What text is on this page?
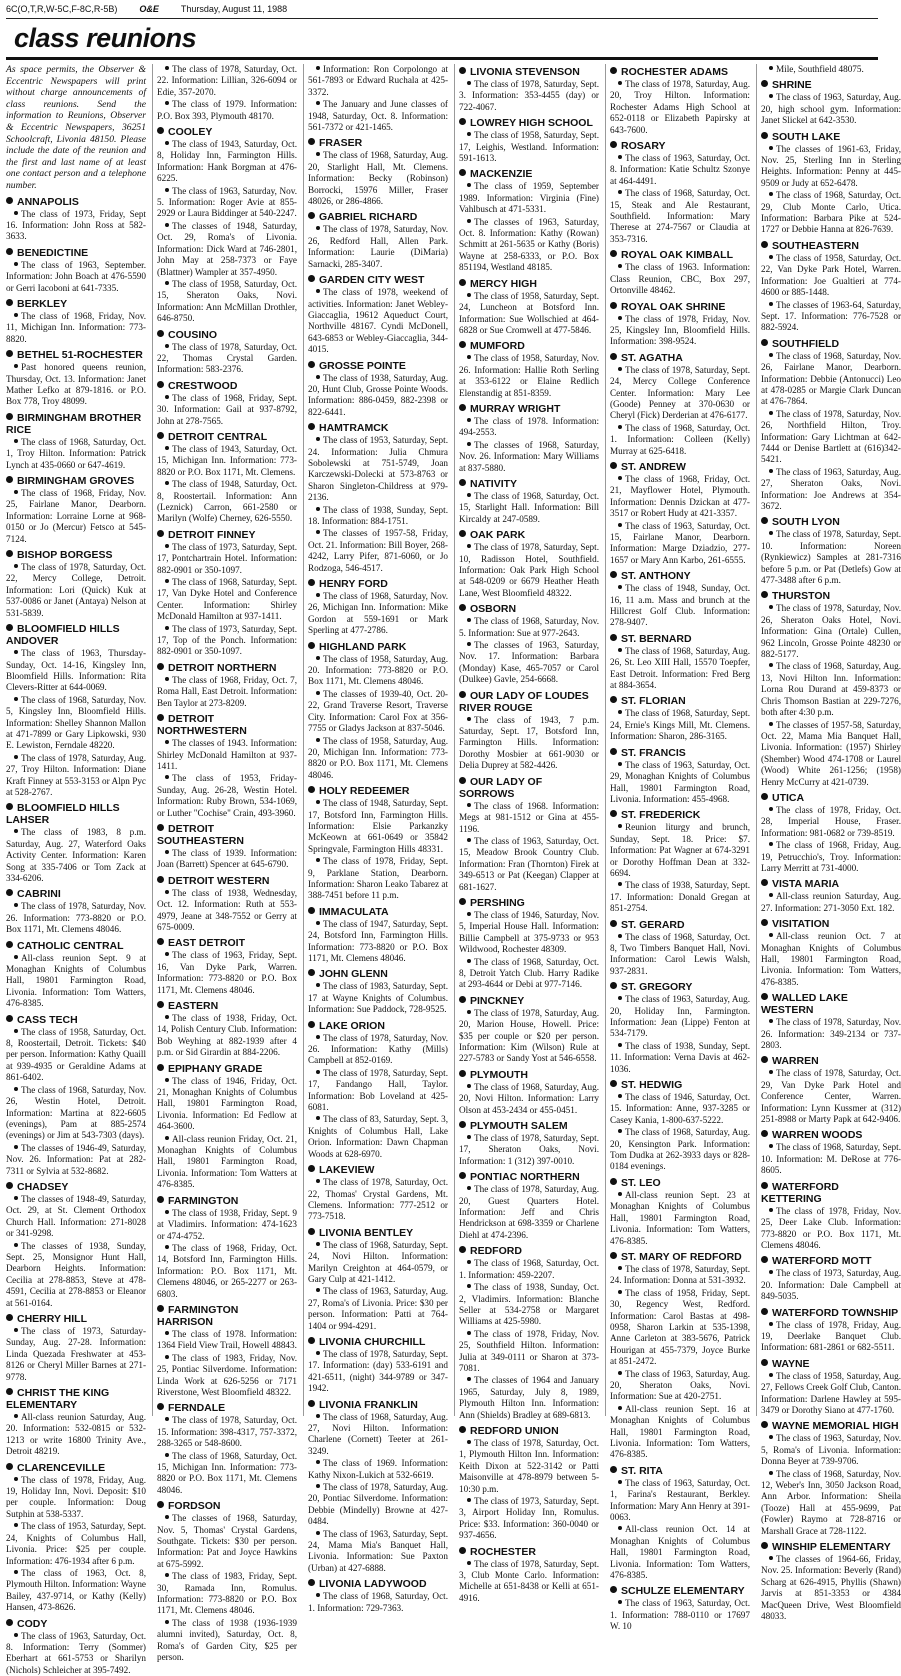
6C(O,T,R,W-5C,F-8C,R-5B) O&E Thursday, August 11, 1988
class reunions

As space permits, the Observer & Eccentric Newspapers will print without charge announcements of class reunions. Send the information to Reunions, Observer & Eccentric Newspapers, 36251 Schoolcraft, Livonia 48150. Please include the date of the reunion and the first and last name of at least one contact person and a telephone number.

ANNAPOLIS

The class of 1973, Friday, Sept 16. Information: John Ross at 582-3633.

BENEDICTINE

The class of 1963, September. Information: John Boach at 476-5590 or Gerri Iacoboni at 641-7335.

BERKLEY

The class of 1968, Friday, Nov. 11, Michigan Inn. Information: 773-8820.

BETHEL 51-ROCHESTER

Past honored queens reunion, Thursday, Oct. 13. Information: Janet Mather Lefko at 879-1816. or P.O. Box 778, Troy 48099.

BIRMINGHAM BROTHER RICE

The class of 1968, Saturday, Oct. 1, Troy Hilton. Information: Patrick Lynch at 435-0660 or 647-4619.

BIRMINGHAM GROVES

The class of 1968, Friday, Nov. 25, Fairlane Manor, Dearborn. Information: Lorraine Lorne at 968-0150 or Jo (Mercur) Fetsco at 545-7124.

BISHOP BORGESS

The class of 1978, Saturday, Oct. 22, Mercy College, Detroit. Information: Lori (Quick) Kuk at 537-0086 or Janet (Antaya) Nelson at 531-5839.

BLOOMFIELD HILLS ANDOVER

The class of 1963, Thursday-Sunday, Oct. 14-16, Kingsley Inn, Bloomfield Hills. Information: Rita Clevers-Ritter at 644-0069.

The class of 1968, Saturday, Nov. 5, Kingsley Inn, Bloomfield Hills. Information: Shelley Shannon Mallon at 471-7899 or Gary Lipkowski, 930 E. Lewiston, Ferndale 48220.

The class of 1978, Saturday, Aug. 27, Troy Hilton. Information: Diane Kraft Finney at 553-3153 or Alpn Pyc at 528-2767.

BLOOMFIELD HILLS LAHSER

The class of 1983, 8 p.m. Saturday, Aug. 27, Waterford Oaks Activity Center. Information: Karen Song at 335-7406 or Tom Zack at 334-6206.

CABRINI

The class of 1978, Saturday, Nov. 26. Information: 773-8820 or P.O. Box 1171, Mt. Clemens 48046.

CATHOLIC CENTRAL

All-class reunion Sept. 9 at Monaghan Knights of Columbus Hall, 19801 Farmington Road, Livonia. Information: Tom Watters, 476-8385.

CASS TECH

The class of 1958, Saturday, Oct. 8, Roostertail, Detroit. Tickets: $40 per person. Information: Kathy Quaill at 939-4935 or Geraldine Adams at 861-6402.

The class of 1968, Saturday, Nov. 26, Westin Hotel, Detroit. Information: Martina at 822-6605 (evenings), Pam at 885-2574 (evenings) or Jim at 543-7303 (days).

The classes of 1946-49, Saturday, Nov. 26. Information: Pat at 282-7311 or Sylvia at 532-8682.

CHADSEY

The classes of 1948-49, Saturday, Oct. 29, at St. Clement Orthodox Church Hall. Information: 271-8028 or 341-9298.

The classes of 1938, Sunday, Sept. 25, Monsignor Hunt Hall, Dearborn Heights. Information: Cecilia at 278-8853, Steve at 478-4591, Cecilia at 278-8853 or Eleanor at 561-0164.

CHERRY HILL

The class of 1973, Saturday-Sunday, Aug. 27-28. Information: Linda Quezada Freshwater at 453-8126 or Cheryl Miller Barnes at 271-9778.

CHRIST THE KING ELEMENTARY

All-class reunion Saturday, Aug. 20. Information: 532-0815 or 532-1213 or write 16800 Trinity Ave., Detroit 48219.

CLARENCEVILLE

The class of 1978, Friday, Aug. 19, Holiday Inn, Novi. Deposit: $10 per couple. Information: Doug Sutphin at 538-5337.

The class of 1953, Saturday, Sept. 24, Knights of Columbus Hall, Livonia. Price: $25 per couple. Information: 476-1934 after 6 p.m.

The class of 1963, Oct. 8, Plymouth Hilton. Information: Wayne Bailey, 437-9714, or Kathy (Kelly) Hansen, 473-8626.

CODY

The class of 1963, Saturday, Oct. 8. Information: Terry (Sommer) Eberhart at 661-5753 or Sharilyn (Nichols) Schleicher at 395-7492.

The class of 1978, Saturday, Oct. 22. Information: Lillian, 326-6094 or Edie, 357-2070.

The class of 1979. Information: P.O. Box 393, Plymouth 48170.

COOLEY

The class of 1943, Saturday, Oct. 8, Holiday Inn, Farmington Hills. Information: Hank Borgman at 476-6225.

The class of 1963, Saturday, Nov. 5. Information: Roger Avie at 855-2929 or Laura Biddinger at 540-2247.

The classes of 1948, Saturday, Oct. 29, Roma's of Livonia. Information: Dick Ward at 746-2801, John May at 258-7373 or Faye (Blattner) Wampler at 357-4950.

The class of 1958, Saturday, Oct. 15, Sheraton Oaks, Novi. Information: Ann McMillan Drothler, 646-8750.

COUSINO

The class of 1978, Saturday, Oct. 22, Thomas Crystal Garden. Information: 583-2376.

CRESTWOOD

The class of 1968, Friday, Sept. 30. Information: Gail at 937-8792, John at 278-7565.

DETROIT CENTRAL

The class of 1943, Saturday, Oct. 15, Michigan Inn. Information: 773-8820 or P.O. Box 1171, Mt. Clemens.

The class of 1948, Saturday, Oct. 8, Roostertail. Information: Ann (Leznick) Carron, 661-2580 or Marilyn (Wolfe) Cherney, 626-5550.

DETROIT FINNEY

The class of 1973, Saturday, Sept. 17, Pontchartrain Hotel. Information: 882-0901 or 350-1097.

The class of 1968, Saturday, Sept. 17, Van Dyke Hotel and Conference Center. Information: Shirley McDonald Hamilton at 937-1411.

The class of 1973, Saturday, Sept. 17, Top of the Ponch. Information: 882-0901 or 350-1097.

DETROIT NORTHERN

The class of 1968, Friday, Oct. 7, Roma Hall, East Detroit. Information: Ben Taylor at 273-8209.

DETROIT NORTHWESTERN

The classes of 1943. Information: Shirley McDonald Hamilton at 937-1411.

The class of 1953, Friday-Sunday, Aug. 26-28, Westin Hotel. Information: Ruby Brown, 534-1069, or Luther "Cochise" Crain, 493-3960.

DETROIT SOUTHEASTERN

The class of 1939. Information: Joan (Barrett) Spencer at 645-6790.

DETROIT WESTERN

The class of 1938, Wednesday, Oct. 12. Information: Ruth at 553-4979, Jeane at 348-7552 or Gerry at 675-0009.

EAST DETROIT

The class of 1963, Friday, Sept. 16, Van Dyke Park, Warren. Information: 773-8820 or P.O. Box 1171, Mt. Clemens 48046.

EASTERN

The class of 1938, Friday, Oct. 14, Polish Century Club. Information: Bob Weyhing at 882-1939 after 4 p.m. or Sid Girardin at 884-2206.

EPIPHANY GRADE

The class of 1946, Friday, Oct. 21, Monaghan Knights of Columbus Hall, 19801 Farmington Road, Livonia. Information: Ed Fedlow at 464-3600.

All-class reunion Friday, Oct. 21, Monaghan Knights of Columbus Hall, 19801 Farmington Road, Livonia. Information: Tom Watters at 476-8385.

FARMINGTON

The class of 1938, Friday, Sept. 9 at Vladimirs. Information: 474-1623 or 474-4752.

The class of 1968, Friday, Oct. 14, Botsford Inn, Farmington Hills. Information: P.O. Box 1171, Mt. Clemens 48046, or 265-2277 or 263-6803.

FARMINGTON HARRISON

The class of 1978. Information: 1364 Field View Trail, Howell 48843.

The class of 1983, Friday, Nov. 25, Pontiac Silverdome. Information: Linda Work at 626-5256 or 7171 Riverstone, West Bloomfield 48322.

FERNDALE

The class of 1978, Saturday, Oct. 15. Information: 398-4317, 757-3372, 288-3265 or 548-8600.

The class of 1968, Saturday, Oct. 15, Michigan Inn. Information: 773-8820 or P.O. Box 1171, Mt. Clemens 48046.

FORDSON

The classes of 1968, Saturday, Nov. 5, Thomas' Crystal Gardens, Southgate. Tickets: $30 per person. Information: Pat and Joyce Hawkins at 675-5992.

The class of 1983, Friday, Sept. 30, Ramada Inn, Romulus. Information: 773-8820 or P.O. Box 1171, Mt. Clemens 48046.

The class of 1938 (1936-1939 alumni invited), Saturday, Oct. 8, Roma's of Garden City, $25 per person.

Information: Ron Corpolongo at 561-7893 or Edward Ruchala at 425-3372.

The January and June classes of 1948, Saturday, Oct. 8. Information: 561-7372 or 421-1465.

FRASER

The class of 1968, Saturday, Aug. 20, Starlight Hall, Mt. Clemens. Information: Becky (Robinson) Borrocki, 15976 Miller, Fraser 48026, or 286-4866.

GABRIEL RICHARD

The class of 1978, Saturday, Nov. 26, Redford Hall, Allen Park. Information: Laurie (DiMaria) Sarnacki, 285-3407.

GARDEN CITY WEST

The class of 1978, weekend of activities. Information: Janet Webley-Giaccaglia, 19612 Aqueduct Court, Northville 48167. Cyndi McDonell, 643-6853 or Webley-Giaccaglia, 344-4015.

GROSSE POINTE

The class of 1938, Saturday, Aug. 20, Hunt Club, Grosse Pointe Woods. Information: 886-0459, 882-2398 or 822-6441.

HAMTRAMCK

The class of 1953, Saturday, Sept. 24. Information: Julia Chmura Sobolewski at 751-5749, Joan Karczewski-Dolecki at 573-8763 or Sharon Singleton-Childress at 979-2136.

The class of 1938, Sunday, Sept. 18. Information: 884-1751.

The classes of 1957-58, Friday, Oct. 21. Information: Bill Boyer, 268-4242, Larry Pifer, 871-6060, or Jo Rodzoga, 546-4517.

HENRY FORD

The class of 1968, Saturday, Nov. 26, Michigan Inn. Information: Mike Gordon at 559-1691 or Mark Sperling at 477-2786.

HIGHLAND PARK

The class of 1958, Saturday, Aug. 20. Information: 773-8820 or P.O. Box 1171, Mt. Clemens 48046.

The classes of 1939-40, Oct. 20-22, Grand Traverse Resort, Traverse City. Information: Carol Fox at 356-7755 or Gladys Jackson at 837-5046.

The class of 1958, Saturday, Aug. 20, Michigan Inn. Information: 773-8820 or P.O. Box 1171, Mt. Clemens 48046.

HOLY REDEEMER

The class of 1948, Saturday, Sept. 17, Botsford Inn, Farmington Hills. Information: Elsie Parkanzky McKeown at 661-0649 or 35842 Springvale, Farmington Hills 48331.

The class of 1978, Friday, Sept. 9, Parklane Station, Dearborn. Information: Sharon Leako Tabarez at 388-7451 before 11 p.m.

IMMACULATA

The class of 1947, Saturday, Sept. 24, Botsford Inn, Farmington Hills. Information: 773-8820 or P.O. Box 1171, Mt. Clemens 48046.

JOHN GLENN

The class of 1983, Saturday, Sept. 17 at Wayne Knights of Columbus. Information: Sue Paddock, 728-9525.

LAKE ORION

The class of 1978, Saturday, Nov. 26. Information: Kathy (Mills) Campbell at 852-0169.

The class of 1978, Saturday, Sept. 17, Fandango Hall, Taylor. Information: Bob Loveland at 425-6081.

The class of 83, Saturday, Sept. 3, Knights of Columbus Hall, Lake Orion. Information: Dawn Chapman Woods at 628-6970.

LAKEVIEW

The class of 1978, Saturday, Oct. 22, Thomas' Crystal Gardens, Mt. Clemens. Information: 777-2512 or 773-7518.

LIVONIA BENTLEY

The class of 1968, Saturday, Sept. 24, Novi Hilton. Information: Marilyn Creighton at 464-0579, or Gary Culp at 421-1412.

The class of 1963, Saturday, Aug. 27, Roma's of Livonia. Price: $30 per person. Information: Patti at 764-1404 or 994-4291.

LIVONIA CHURCHILL

The class of 1978, Saturday, Sept. 17. Information: (day) 533-6191 and 421-6511, (night) 344-9789 or 347-1942.

LIVONIA FRANKLIN

The class of 1968, Saturday, Aug. 27, Novi Hilton. Information: Charlene (Cornett) Teeter at 261-3249.

The class of 1969. Information: Kathy Nixon-Lukich at 532-6619.

The class of 1978, Saturday, Aug. 20, Pontiac Silverdome. Information: Debbie (Mindelly) Browne at 427-0484.

The class of 1963, Saturday, Sept. 24, Mama Mia's Banquet Hall, Livonia. Information: Sue Paxton (Urban) at 427-6888.

LIVONIA LADYWOOD

The class of 1968, Saturday, Oct. 1. Information: 729-7363.

LIVONIA STEVENSON

The class of 1978, Saturday, Sept. 3. Information: 353-4455 (day) or 722-4067.

LOWREY HIGH SCHOOL

The class of 1958, Saturday, Sept. 17, Leighis, Westland. Information: 591-1613.

MACKENZIE

The class of 1959, September 1989. Information: Virginia (Fine) Vahlbusch at 471-5331.

The classes of 1963, Saturday, Oct. 8. Information: Kathy (Rowan) Schmitt at 261-5635 or Kathy (Boris) Wayne at 258-6333, or P.O. Box 851194, Westland 48185.

MERCY HIGH

The class of 1958, Saturday, Sept. 24, Luncheon at Botsford Inn. Information: Sue Wollschied at 464-6828 or Sue Cromwell at 477-5846.

MUMFORD

The class of 1958, Saturday, Nov. 26. Information: Hallie Roth Serling at 353-6122 or Elaine Redlich Elenstandig at 851-8359.

MURRAY WRIGHT

The class of 1978. Information: 494-2553.

The classes of 1968, Saturday, Nov. 26. Information: Mary Williams at 837-5880.

NATIVITY

The class of 1968, Saturday, Oct. 15, Starlight Hall. Information: Bill Kircaldy at 247-0589.

OAK PARK

The class of 1978, Saturday, Sept. 10, Radisson Hotel, Southfield. Information: Oak Park High School at 548-0209 or 6679 Heather Heath Lane, West Bloomfield 48322.

OSBORN

The class of 1968, Saturday, Nov. 5. Information: Sue at 977-2643.

The classes of 1963, Saturday, Nov. 17. Information: Barbara (Monday) Kase, 465-7057 or Carol (Dulkee) Gavle, 254-6668.

OUR LADY OF LOUDES RIVER ROUGE

The class of 1943, 7 p.m. Saturday, Sept. 17, Botsford Inn, Farmington Hills. Information: Dorothy Mosbier at 661-9030 or Delia Duprey at 582-4426.

OUR LADY OF SORROWS

The class of 1968. Information: Megs at 981-1512 or Gina at 455-1196.

The class of 1963, Saturday, Oct. 15, Meadow Brook Country Club. Information: Fran (Thornton) Firek at 349-6513 or Pat (Keegan) Clapper at 681-1627.

PERSHING

The class of 1946, Saturday, Nov. 5, Imperial House Hall. Information: Billie Campbell at 375-9733 or 953 Wildwood, Rochester 48309.

The class of 1968, Saturday, Oct. 8, Detroit Yatch Club. Harry Radike at 293-4644 or Debi at 977-7146.

PINCKNEY

The class of 1978, Saturday, Aug. 20, Marion House, Howell. Price: $35 per couple or $20 per person. Information: Kim (Wilson) Rule at 227-5783 or Sandy Yost at 546-6558.

PLYMOUTH

The class of 1968, Saturday, Aug. 20, Novi Hilton. Information: Larry Olson at 453-2434 or 455-0451.

PLYMOUTH SALEM

The class of 1978, Saturday, Sept. 17, Sheraton Oaks, Novi. Information: 1 (312) 397-0010.

PONTIAC NORTHERN

The class of 1978, Saturday, Aug. 20, Guest Quarters Hotel. Information: Jeff and Chris Hendrickson at 698-3359 or Charlene Diehl at 474-2396.

REDFORD

The class of 1968, Saturday, Oct. 1. Information: 459-2207.

The class of 1938, Sunday, Oct. 2, Vladimirs. Information: Blanche Seller at 534-2758 or Margaret Williams at 425-5980.

The class of 1978, Friday, Nov. 25, Southfield Hilton. Information: Julia at 349-0111 or Sharon at 373-7081.

The classes of 1964 and January 1965, Saturday, July 8, 1989, Plymouth Hilton Inn. Information: Ann (Shields) Bradley at 689-6813.

REDFORD UNION

The class of 1978, Saturday, Oct. 1, Plymouth Hilton Inn. Information: Keith Dixon at 522-3142 or Patti Maisonville at 478-8979 between 5-10:30 p.m.

The class of 1973, Saturday, Sept. 3, Airport Holiday Inn, Romulus. Price: $33. Information: 360-0040 or 937-4656.

ROCHESTER

The class of 1978, Saturday, Sept. 3, Club Monte Carlo. Information: Michelle at 651-8438 or Kelli at 651-4916.

ROCHESTER ADAMS

The class of 1978, Saturday, Aug. 20, Troy Hilton. Information: Rochester Adams High School at 652-0118 or Elizabeth Papirsky at 643-7600.

ROSARY

The class of 1963, Saturday, Oct. 8. Information: Katie Schultz Szonye at 464-4491.

The class of 1968, Saturday, Oct. 15, Steak and Ale Restaurant, Southfield. Information: Mary Therese at 274-7567 or Claudia at 353-7316.

ROYAL OAK KIMBALL

The class of 1963. Information: Class Reunion, CBC, Box 297, Ortonville 48462.

ROYAL OAK SHRINE

The class of 1978, Friday, Nov. 25, Kingsley Inn, Bloomfield Hills. Information: 398-9524.

ST. AGATHA

The class of 1978, Saturday, Sept. 24, Mercy College Conference Center. Information: Mary Lee (Goode) Penney at 370-0630 or Cheryl (Fick) Derderian at 476-6177.

The class of 1968, Saturday, Oct. 1. Information: Colleen (Kelly) Murray at 625-6418.

ST. ANDREW

The class of 1968, Friday, Oct. 21, Mayflower Hotel, Plymouth. Information: Dennis Dzickan at 477-3517 or Robert Hudy at 421-3357.

The class of 1963, Saturday, Oct. 15, Fairlane Manor, Dearborn. Information: Marge Dziadzio, 277-1657 or Mary Ann Karbo, 261-6555.

ST. ANTHONY

The class of 1948, Sunday, Oct. 16, 11 a.m. Mass and brunch at the Hillcrest Golf Club. Information: 278-9407.

ST. BERNARD

The class of 1968, Saturday, Aug. 26, St. Leo XIII Hall, 15570 Toepfer, East Detroit. Information: Fred Berg at 884-3654.

ST. FLORIAN

The class of 1968, Saturday, Sept. 24, Ernie's Kings Mill, Mt. Clemens. Information: Sharon, 286-3165.

ST. FRANCIS

The class of 1963, Saturday, Oct. 29, Monaghan Knights of Columbus Hall, 19801 Farmington Road, Livonia. Information: 455-4968.

ST. FREDERICK

Reunion liturgy and brunch, Sunday, Sept. 18. Price: $7. Information: Pat Wagner at 674-3291 or Dorothy Hoffman Dean at 332-6694.

The class of 1938, Saturday, Sept. 17. Information: Donald Gregan at 851-2754.

ST. GERARD

The class of 1968, Saturday, Oct. 8, Two Timbers Banquet Hall, Novi. Information: Carol Lewis Walsh, 937-2831.

ST. GREGORY

The class of 1963, Saturday, Aug. 20, Holiday Inn, Farmington. Information: Jean (Lippe) Fenton at 534-7179.

The class of 1938, Sunday, Sept. 11. Information: Verna Davis at 462-1036.

ST. HEDWIG

The class of 1946, Saturday, Oct. 15. Information: Anne, 937-3285 or Casey Kania, 1-800-637-5222.

The class of 1968, Saturday, Aug. 20, Kensington Park. Information: Tom Dudka at 262-3933 days or 828-0184 evenings.

ST. LEO

All-class reunion Sept. 23 at Monaghan Knights of Columbus Hall, 19801 Farmington Road, Livonia. Information: Tom Watters, 476-8385.

ST. MARY OF REDFORD

The class of 1978, Saturday, Sept. 24. Information: Donna at 531-3932.

The class of 1958, Friday, Sept. 30, Regency West, Redford. Information: Carol Bastas at 498-0958, Sharon Larkin at 535-1398, Anne Carleton at 383-5676, Patrick Hourigan at 455-7379, Joyce Burke at 851-2472.

The class of 1963, Saturday, Aug. 20, Sheraton Oaks, Novi. Information: Sue at 420-2751.

All-class reunion Sept. 16 at Monaghan Knights of Columbus Hall, 19801 Farmington Road, Livonia. Information: Tom Watters, 476-8385.

ST. RITA

The class of 1963, Saturday, Oct. 1, Farina's Restaurant, Berkley. Information: Mary Ann Henry at 391-0063.

All-class reunion Oct. 14 at Monaghan Knights of Columbus Hall, 19801 Farmington Road, Livonia. Information: Tom Watters, 476-8385.

SCHULZE ELEMENTARY

The class of 1963, Saturday, Oct. 1. Information: 788-0110 or 17697 W. 10

Mile, Southfield 48075.

SHRINE

The class of 1963, Saturday, Aug. 20, high school gym. Information: Janet Slickel at 642-3530.

SOUTH LAKE

The classes of 1961-63, Friday, Nov. 25, Sterling Inn in Sterling Heights. Information: Penny at 445-9509 or Judy at 652-6478.

The class of 1968, Saturday, Oct. 29, Club Monte Carlo, Utica. Information: Barbara Pike at 524-1727 or Debbie Hanna at 826-7639.

SOUTHEASTERN

The class of 1958, Saturday, Oct. 22, Van Dyke Park Hotel, Warren. Information: Joe Gualtieri at 774-4600 or 885-1448.

The classes of 1963-64, Saturday, Sept. 17. Information: 776-7528 or 882-5924.

SOUTHFIELD

The class of 1968, Saturday, Nov. 26, Fairlane Manor, Dearborn. Information: Debbie (Antonucci) Leo at 478-0285 or Margie Clark Duncan at 476-7864.

The class of 1978, Saturday, Nov. 26, Northfield Hilton, Troy. Information: Gary Lichtman at 642-7444 or Denise Bartlett at (616)342-5421.

The class of 1963, Saturday, Aug. 27, Sheraton Oaks, Novi. Information: Joe Andrews at 354-3672.

SOUTH LYON

The class of 1978, Saturday, Sept. 10. Information: Noreen (Rynkiewicz) Samples at 281-7316 before 5 p.m. or Pat (Detlefs) Gow at 477-3488 after 6 p.m.

THURSTON

The class of 1978, Saturday, Nov. 26, Sheraton Oaks Hotel, Novi. Information: Gina (Ortale) Cullen, 962 Lincoln, Grosse Pointe 48230 or 882-5177.

The class of 1968, Saturday, Aug. 13, Novi Hilton Inn. Information: Lorna Rou Durand at 459-8373 or Chris Thomson Bastian at 229-7276, both after 4:30 p.m.

The classes of 1957-58, Saturday, Oct. 22, Mama Mia Banquet Hall, Livonia. Information: (1957) Shirley (Shember) Wood 474-1708 or Laurel (Wood) White 261-1256; (1958) Henry McCurry at 421-0739.

UTICA

The class of 1978, Friday, Oct. 28, Imperial House, Fraser. Information: 981-0682 or 739-8519.

The class of 1968, Friday, Aug. 19, Petrucchio's, Troy. Information: Larry Merritt at 731-4000.

VISTA MARIA

All-class reunion Saturday, Aug. 27. Information: 271-3050 Ext. 182.

VISITATION

All-class reunion Oct. 7 at Monaghan Knights of Columbus Hall, 19801 Farmington Road, Livonia. Information: Tom Watters, 476-8385.

WALLED LAKE WESTERN

The class of 1978, Saturday, Nov. 26. Information: 349-2134 or 737-2803.

WARREN

The class of 1978, Saturday, Oct. 29, Van Dyke Park Hotel and Conference Center, Warren. Information: Lynn Kussmer at (312) 251-8988 or Marty Papk at 642-9406.

WARREN WOODS

The class of 1968, Saturday, Sept. 10. Information: M. DeRose at 776-8605.

WATERFORD KETTERING

The class of 1978, Friday, Nov. 25, Deer Lake Club. Information: 773-8820 or P.O. Box 1171, Mt. Clemens 48046.

WATERFORD MOTT

The class of 1973, Saturday, Aug. 20. Information: Dale Campbell at 849-5035.

WATERFORD TOWNSHIP

The class of 1978, Friday, Aug. 19, Deerlake Banquet Club. Information: 681-2861 or 682-5511.

WAYNE

The class of 1958, Saturday, Aug. 27, Fellows Creek Golf Club, Canton. Information: Darlene Hawley at 595-3479 or Dorothy Siano at 477-1760.

WAYNE MEMORIAL HIGH

The class of 1963, Saturday, Nov. 5, Roma's of Livonia. Information: Donna Beyer at 739-9706.

The class of 1968, Saturday, Nov. 12, Weber's Inn, 3050 Jackson Road, Ann Arbor. Information: Sheila (Tooze) Hall at 455-9699, Pat (Fowler) Raymo at 728-8716 or Marshall Grace at 728-1122.

WINSHIP ELEMENTARY

The classes of 1964-66, Friday, Nov. 25. Information: Beverly (Rand) Scharg at 626-4915, Phyllis (Shawn) Jarvis at 851-3353 or 4384 MacQueen Drive, West Bloomfield 48033.
